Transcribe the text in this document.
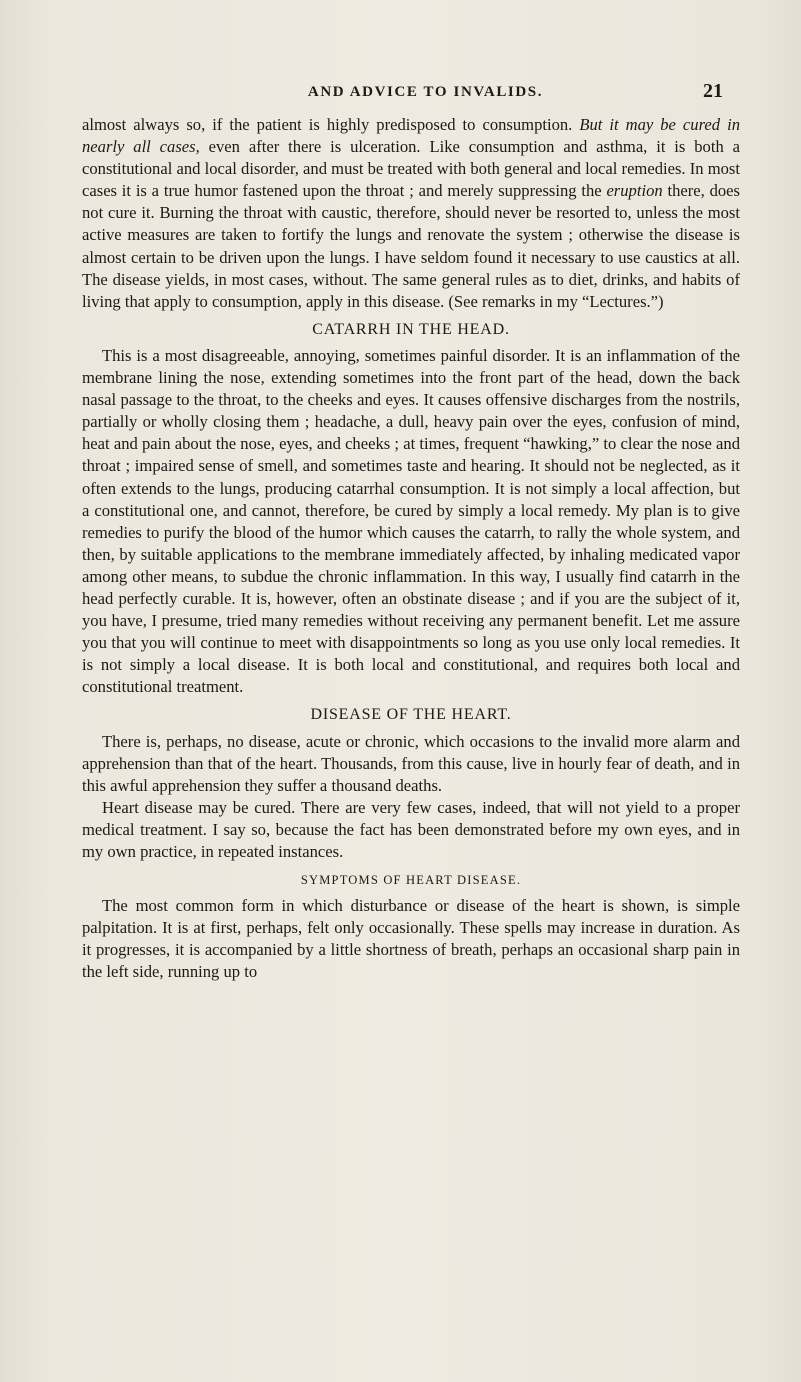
AND ADVICE TO INVALIDS.	21

almost always so, if the patient is highly predisposed to consumption. But it may be cured in nearly all cases, even after there is ulceration. Like consumption and asthma, it is both a constitutional and local disorder, and must be treated with both general and local remedies. In most cases it is a true humor fastened upon the throat ; and merely suppressing the eruption there, does not cure it. Burning the throat with caustic, therefore, should never be resorted to, unless the most active measures are taken to fortify the lungs and renovate the system ; otherwise the disease is almost certain to be driven upon the lungs. I have seldom found it necessary to use caustics at all. The disease yields, in most cases, without. The same general rules as to diet, drinks, and habits of living that apply to consumption, apply in this disease. (See remarks in my “Lectures.”)

CATARRH IN THE HEAD.

This is a most disagreeable, annoying, sometimes painful disorder. It is an inflammation of the membrane lining the nose, extending sometimes into the front part of the head, down the back nasal passage to the throat, to the cheeks and eyes. It causes offensive discharges from the nostrils, partially or wholly closing them ; headache, a dull, heavy pain over the eyes, confusion of mind, heat and pain about the nose, eyes, and cheeks ; at times, frequent “hawking,” to clear the nose and throat ; impaired sense of smell, and sometimes taste and hearing. It should not be neglected, as it often extends to the lungs, producing catarrhal consumption. It is not simply a local affection, but a constitutional one, and cannot, therefore, be cured by simply a local remedy. My plan is to give remedies to purify the blood of the humor which causes the catarrh, to rally the whole system, and then, by suitable applications to the membrane immediately affected, by inhaling medicated vapor among other means, to subdue the chronic inflammation. In this way, I usually find catarrh in the head perfectly curable. It is, however, often an obstinate disease ; and if you are the subject of it, you have, I presume, tried many remedies without receiving any permanent benefit. Let me assure you that you will continue to meet with disappointments so long as you use only local remedies. It is not simply a local disease. It is both local and constitutional, and requires both local and constitutional treatment.

DISEASE OF THE HEART.

There is, perhaps, no disease, acute or chronic, which occasions to the invalid more alarm and apprehension than that of the heart. Thousands, from this cause, live in hourly fear of death, and in this awful apprehension they suffer a thousand deaths.

Heart disease may be cured. There are very few cases, indeed, that will not yield to a proper medical treatment. I say so, because the fact has been demonstrated before my own eyes, and in my own practice, in repeated instances.

SYMPTOMS OF HEART DISEASE.

The most common form in which disturbance or disease of the heart is shown, is simple palpitation. It is at first, perhaps, felt only occasionally. These spells may increase in duration. As it progresses, it is accompanied by a little shortness of breath, perhaps an occasional sharp pain in the left side, running up to
